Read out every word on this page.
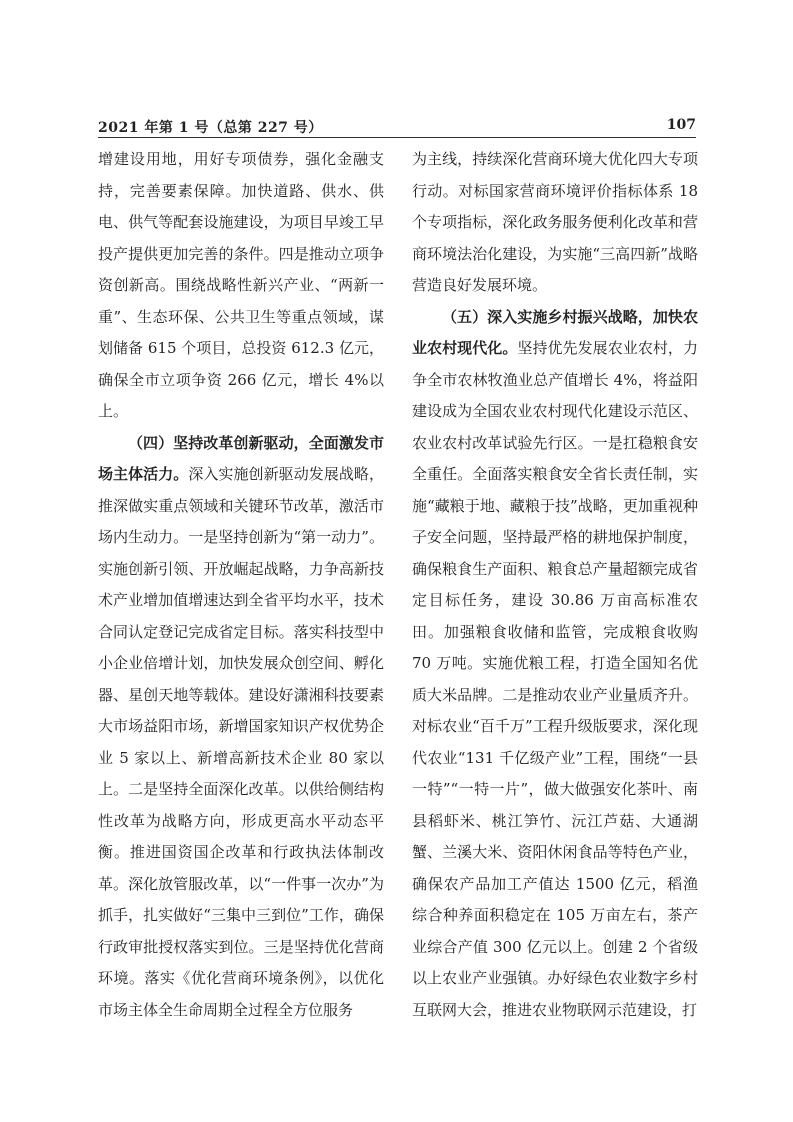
2021 年第 1 号（总第 227 号）	107

增建设用地，用好专项债券，强化金融支持，完善要素保障。加快道路、供水、供电、供气等配套设施建设，为项目早竣工早投产提供更加完善的条件。四是推动立项争资创新高。围绕战略性新兴产业、“两新一重”、生态环保、公共卫生等重点领域，谋划储备 615 个项目，总投资 612.3 亿元，确保全市立项争资 266 亿元，增长 4%以上。

（四）坚持改革创新驱动，全面激发市场主体活力。深入实施创新驱动发展战略，推深做实重点领域和关键环节改革，激活市场内生动力。一是坚持创新为“第一动力”。实施创新引领、开放崛起战略，力争高新技术产业增加值增速达到全省平均水平，技术合同认定登记完成省定目标。落实科技型中小企业倍增计划，加快发展众创空间、孵化器、星创天地等载体。建设好潇湘科技要素大市场益阳市场，新增国家知识产权优势企业 5 家以上、新增高新技术企业 80 家以上。二是坚持全面深化改革。以供给侧结构性改革为战略方向，形成更高水平动态平衡。推进国资国企改革和行政执法体制改革。深化放管服改革，以“一件事一次办”为抓手，扎实做好“三集中三到位”工作，确保行政审批授权落实到位。三是坚持优化营商环境。落实《优化营商环境条例》，以优化市场主体全生命周期全过程全方位服务

为主线，持续深化营商环境大优化四大专项行动。对标国家营商环境评价指标体系 18 个专项指标，深化政务服务便利化改革和营商环境法治化建设，为实施“三高四新”战略营造良好发展环境。

（五）深入实施乡村振兴战略，加快农业农村现代化。坚持优先发展农业农村，力争全市农林牧渔业总产值增长 4%，将益阳建设成为全国农业农村现代化建设示范区、农业农村改革试验先行区。一是扛稳粮食安全重任。全面落实粮食安全省长责任制，实施“藏粮于地、藏粮于技”战略，更加重视种子安全问题，坚持最严格的耕地保护制度，确保粮食生产面积、粮食总产量超额完成省定目标任务，建设 30.86 万亩高标准农田。加强粮食收储和监管，完成粮食收购 70 万吨。实施优粮工程，打造全国知名优质大米品牌。二是推动农业产业量质齐升。对标农业“百千万”工程升级版要求，深化现代农业“131 千亿级产业”工程，围绕“一县一特”“一特一片”，做大做强安化茶叶、南县稻虾米、桃江笋竹、沅江芦菇、大通湖蟹、兰溪大米、资阳休闲食品等特色产业，确保农产品加工产值达 1500 亿元，稻渔综合种养面积稳定在 105 万亩左右，茶产业综合产值 300 亿元以上。创建 2 个省级以上农业产业强镇。办好绿色农业数字乡村互联网大会，推进农业物联网示范建设，打
